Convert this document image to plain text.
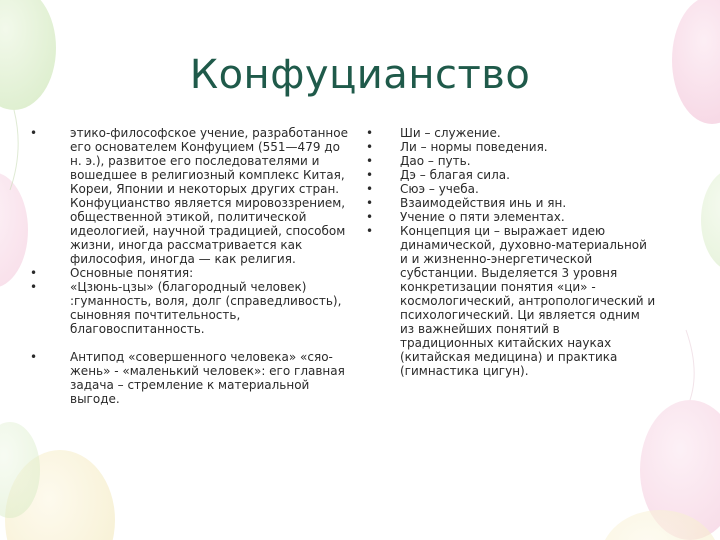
Конфуцианство
•	этико-философское учение, разработанное его основателем Конфуцием (551—479 до н. э.), развитое его последователями и вошедшее в религиозный комплекс Китая, Кореи, Японии и некоторых других стран. Конфуцианство является мировоззрением, общественной этикой, политической идеологией, научной традицией, способом жизни, иногда рассматривается как философия, иногда — как религия.
•	Основные понятия:
•	«Цзюнь-цзы» (благородный человек) :гуманность, воля, долг (справедливость), сыновняя почтительность, благовоспитанность.
•	Антипод «совершенного человека» «сяо-жень» - «маленький человек»: его главная задача – стремление к материальной выгоде.
•	Ши – служение.
•	Ли – нормы поведения.
•	Дао – путь.
•	Дэ – благая сила.
•	Сюэ – учеба.
•	Взаимодействия инь и ян.
•	Учение о пяти элементах.
•	Концепция ци – выражает идею динамической, духовно-материальной и и жизненно-энергетической субстанции. Выделяется 3 уровня конкретизации понятия «ци» - космологический, антропологический и психологический. Ци является одним из важнейших понятий в традиционных китайских науках (китайская медицина) и практика (гимнастика цигун).
